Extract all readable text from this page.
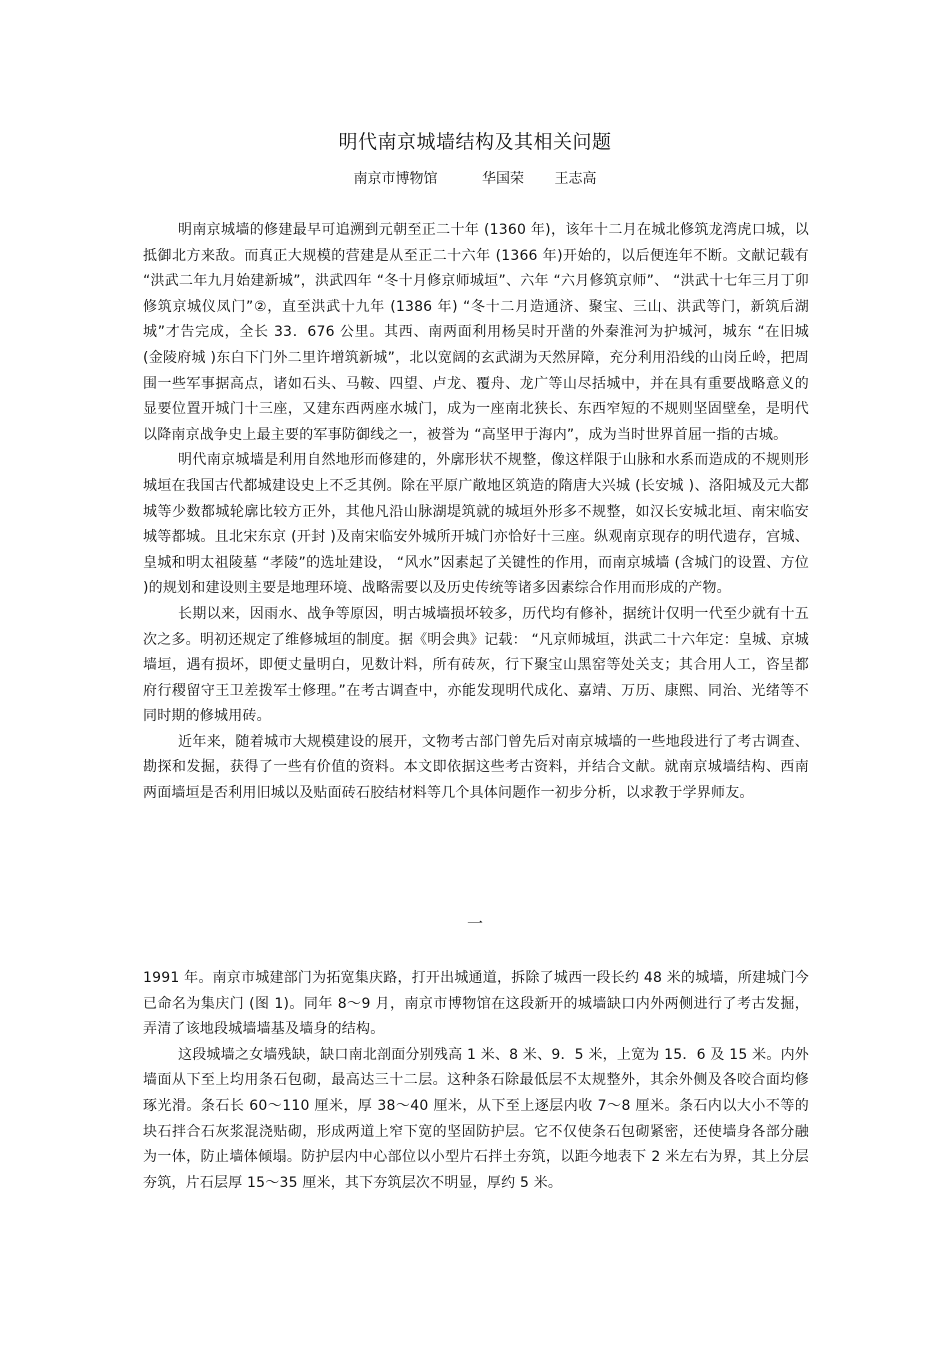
明代南京城墙结构及其相关问题
南京市博物馆	华国荣 王志高

明南京城墙的修建最早可追溯到元朝至正二十年 (1360 年)，该年十二月在城北修筑龙湾虎口城，以抵御北方来敌。而真正大规模的营建是从至正二十六年 (1366 年)开始的，以后便连年不断。文献记载有 “洪武二年九月始建新城”，洪武四年 “冬十月修京师城垣”、六年 “六月修筑京师”、 “洪武十七年三月丁卯修筑京城仪凤门”②，直至洪武十九年 (1386 年) “冬十二月造通济、聚宝、三山、洪武等门，新筑后湖城”才告完成，全长 33．676 公里。其西、南两面利用杨吴时开凿的外秦淮河为护城河，城东 “在旧城 (金陵府城 )东白下门外二里许增筑新城”，北以宽阔的玄武湖为天然屏障，充分利用沿线的山岗丘岭，把周围一些军事据高点，诸如石头、马鞍、四望、卢龙、覆舟、龙广等山尽括城中，并在具有重要战略意义的显要位置开城门十三座，又建东西两座水城门，成为一座南北狭长、东西窄短的不规则坚固壁垒，是明代以降南京战争史上最主要的军事防御线之一，被誉为 “高坚甲于海内”，成为当时世界首屈一指的古城。

明代南京城墙是利用自然地形而修建的，外廓形状不规整，像这样限于山脉和水系而造成的不规则形城垣在我国古代都城建设史上不乏其例。除在平原广敞地区筑造的隋唐大兴城 (长安城 )、洛阳城及元大都城等少数都城轮廓比较方正外，其他凡沿山脉湖堤筑就的城垣外形多不规整，如汉长安城北垣、南宋临安城等都城。且北宋东京 (开封 )及南宋临安外城所开城门亦恰好十三座。纵观南京现存的明代遗存，宫城、皇城和明太祖陵墓 “孝陵”的选址建设， “风水”因素起了关键性的作用，而南京城墙 (含城门的设置、方位 )的规划和建设则主要是地理环境、战略需要以及历史传统等诸多因素综合作用而形成的产物。

长期以来，因雨水、战争等原因，明古城墙损坏较多，历代均有修补，据统计仅明一代至少就有十五次之多。明初还规定了维修城垣的制度。据《明会典》记载： “凡京师城垣，洪武二十六年定：皇城、京城墙垣，遇有损坏，即便丈量明白，见数计料，所有砖灰，行下聚宝山黑窑等处关支；其合用人工，咨呈都府行稷留守王卫差拨军士修理。”在考古调查中，亦能发现明代成化、嘉靖、万历、康熙、同治、光绪等不同时期的修城用砖。

近年来，随着城市大规模建设的展开，文物考古部门曾先后对南京城墙的一些地段进行了考古调查、勘探和发掘，获得了一些有价值的资料。本文即依据这些考古资料，并结合文献。就南京城墙结构、西南两面墙垣是否利用旧城以及贴面砖石胶结材料等几个具体问题作一初步分析，以求教于学界师友。

一

1991 年。南京市城建部门为拓宽集庆路，打开出城通道，拆除了城西一段长约 48 米的城墙，所建城门今已命名为集庆门 (图 1)。同年 8～9 月，南京市博物馆在这段新开的城墙缺口内外两侧进行了考古发掘，弄清了该地段城墙墙基及墙身的结构。

这段城墙之女墙残缺，缺口南北剖面分别残高 1 米、8 米、9．5 米，上宽为 15．6 及 15 米。内外墙面从下至上均用条石包砌，最高达三十二层。这种条石除最低层不太规整外，其余外侧及各咬合面均修琢光滑。条石长 60～110 厘米，厚 38～40 厘米，从下至上逐层内收 7～8 厘米。条石内以大小不等的块石拌合石灰浆混浇贴砌，形成两道上窄下宽的坚固防护层。它不仅使条石包砌紧密，还使墙身各部分融为一体，防止墙体倾塌。防护层内中心部位以小型片石拌土夯筑，以距今地表下 2 米左右为界，其上分层夯筑，片石层厚 15～35 厘米，其下夯筑层次不明显，厚约 5 米。
